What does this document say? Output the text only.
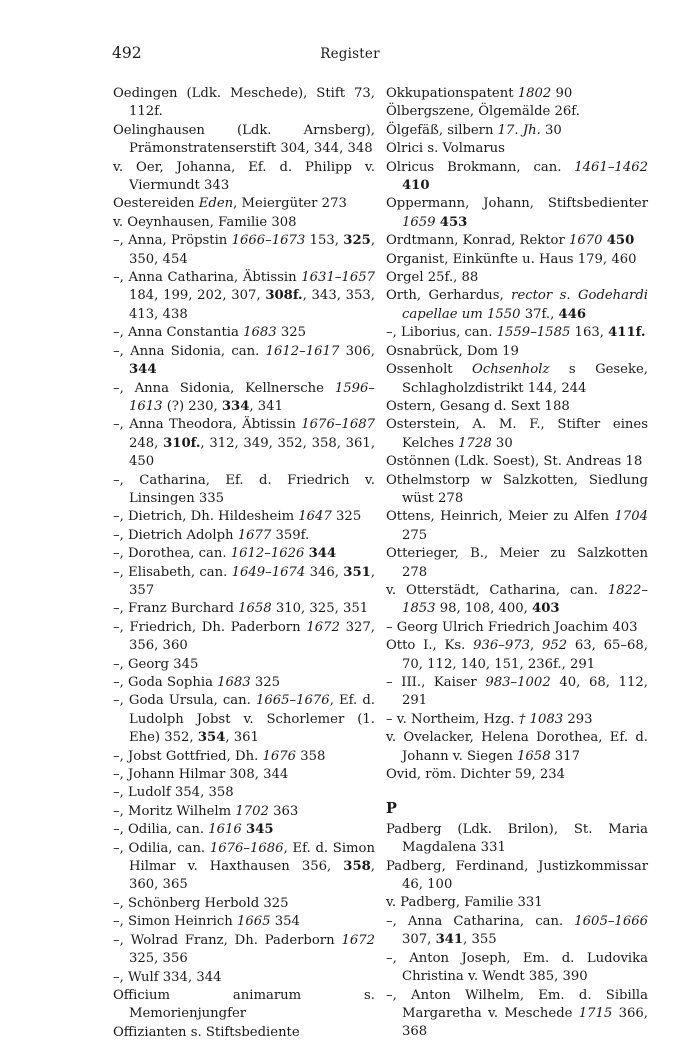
492	Register

Oedingen (Ldk. Meschede), Stift 73, 112f.

Oelinghausen (Ldk. Arnsberg), Prämonstratenserstift 304, 344, 348

v. Oer, Johanna, Ef. d. Philipp v. Viermundt 343

Oestereiden Eden, Meiergüter 273

v. Oeynhausen, Familie 308

–, Anna, Pröpstin 1666–1673 153, 325, 350, 454

–, Anna Catharina, Äbtissin 1631–1657 184, 199, 202, 307, 308f., 343, 353, 413, 438

–, Anna Constantia 1683 325

–, Anna Sidonia, can. 1612–1617 306, 344

–, Anna Sidonia, Kellnersche 1596–1613 (?) 230, 334, 341

–, Anna Theodora, Äbtissin 1676–1687 248, 310f., 312, 349, 352, 358, 361, 450

–, Catharina, Ef. d. Friedrich v. Linsingen 335

–, Dietrich, Dh. Hildesheim 1647 325

–, Dietrich Adolph 1677 359f.

–, Dorothea, can. 1612–1626 344

–, Elisabeth, can. 1649–1674 346, 351, 357

–, Franz Burchard 1658 310, 325, 351

–, Friedrich, Dh. Paderborn 1672 327, 356, 360

–, Georg 345

–, Goda Sophia 1683 325

–, Goda Ursula, can. 1665–1676, Ef. d. Ludolph Jobst v. Schorlemer (1. Ehe) 352, 354, 361

–, Jobst Gottfried, Dh. 1676 358

–, Johann Hilmar 308, 344

–, Ludolf 354, 358

–, Moritz Wilhelm 1702 363

–, Odilia, can. 1616 345

–, Odilia, can. 1676–1686, Ef. d. Simon Hilmar v. Haxthausen 356, 358, 360, 365

–, Schönberg Herbold 325

–, Simon Heinrich 1665 354

–, Wolrad Franz, Dh. Paderborn 1672 325, 356

–, Wulf 334, 344

Officium animarum s. Memorienjungfer

Offizianten s. Stiftsbediente

Okkupationspatent 1802 90

Ölbergszene, Ölgemälde 26f.

Ölgefäß, silbern 17. Jh. 30

Olrici s. Volmarus

Olricus Brokmann, can. 1461–1462 410

Oppermann, Johann, Stiftsbedienter 1659 453

Ordtmann, Konrad, Rektor 1670 450

Organist, Einkünfte u. Haus 179, 460

Orgel 25f., 88

Orth, Gerhardus, rector s. Godehardi capellae um 1550 37f., 446

–, Liborius, can. 1559–1585 163, 411f.

Osnabrück, Dom 19

Ossenholt Ochsenholz s Geseke, Schlagholzdistrikt 144, 244

Ostern, Gesang d. Sext 188

Osterstein, A. M. F., Stifter eines Kelches 1728 30

Ostönnen (Ldk. Soest), St. Andreas 18

Othelmstorp w Salzkotten, Siedlung wüst 278

Ottens, Heinrich, Meier zu Alfen 1704 275

Otterieger, B., Meier zu Salzkotten 278

v. Otterstädt, Catharina, can. 1822–1853 98, 108, 400, 403

– Georg Ulrich Friedrich Joachim 403

Otto I., Ks. 936–973, 952 63, 65–68, 70, 112, 140, 151, 236f., 291

– III., Kaiser 983–1002 40, 68, 112, 291

– v. Northeim, Hzg. † 1083 293

v. Ovelacker, Helena Dorothea, Ef. d. Johann v. Siegen 1658 317

Ovid, röm. Dichter 59, 234

P

Padberg (Ldk. Brilon), St. Maria Magdalena 331

Padberg, Ferdinand, Justizkommissar 46, 100

v. Padberg, Familie 331

–, Anna Catharina, can. 1605–1666 307, 341, 355

–, Anton Joseph, Em. d. Ludovika Christina v. Wendt 385, 390

–, Anton Wilhelm, Em. d. Sibilla Margaretha v. Meschede 1715 366, 368
